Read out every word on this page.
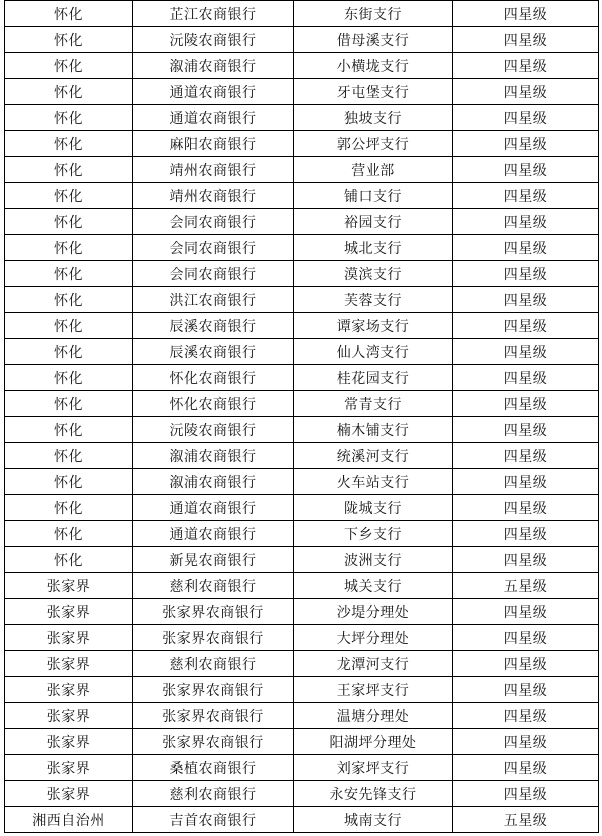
怀化	芷江农商银行	东街支行	四星级
怀化	沅陵农商银行	借母溪支行	四星级
怀化	溆浦农商银行	小横垅支行	四星级
怀化	通道农商银行	牙屯堡支行	四星级
怀化	通道农商银行	独坡支行	四星级
怀化	麻阳农商银行	郭公坪支行	四星级
怀化	靖州农商银行	营业部	四星级
怀化	靖州农商银行	铺口支行	四星级
怀化	会同农商银行	裕园支行	四星级
怀化	会同农商银行	城北支行	四星级
怀化	会同农商银行	漠滨支行	四星级
怀化	洪江农商银行	芙蓉支行	四星级
怀化	辰溪农商银行	谭家场支行	四星级
怀化	辰溪农商银行	仙人湾支行	四星级
怀化	怀化农商银行	桂花园支行	四星级
怀化	怀化农商银行	常青支行	四星级
怀化	沅陵农商银行	楠木铺支行	四星级
怀化	溆浦农商银行	统溪河支行	四星级
怀化	溆浦农商银行	火车站支行	四星级
怀化	通道农商银行	陇城支行	四星级
怀化	通道农商银行	下乡支行	四星级
怀化	新晃农商银行	波洲支行	四星级
张家界	慈利农商银行	城关支行	五星级
张家界	张家界农商银行	沙堤分理处	四星级
张家界	张家界农商银行	大坪分理处	四星级
张家界	慈利农商银行	龙潭河支行	四星级
张家界	张家界农商银行	王家坪支行	四星级
张家界	张家界农商银行	温塘分理处	四星级
张家界	张家界农商银行	阳湖坪分理处	四星级
张家界	桑植农商银行	刘家坪支行	四星级
张家界	慈利农商银行	永安先锋支行	四星级
湘西自治州	吉首农商银行	城南支行	五星级
